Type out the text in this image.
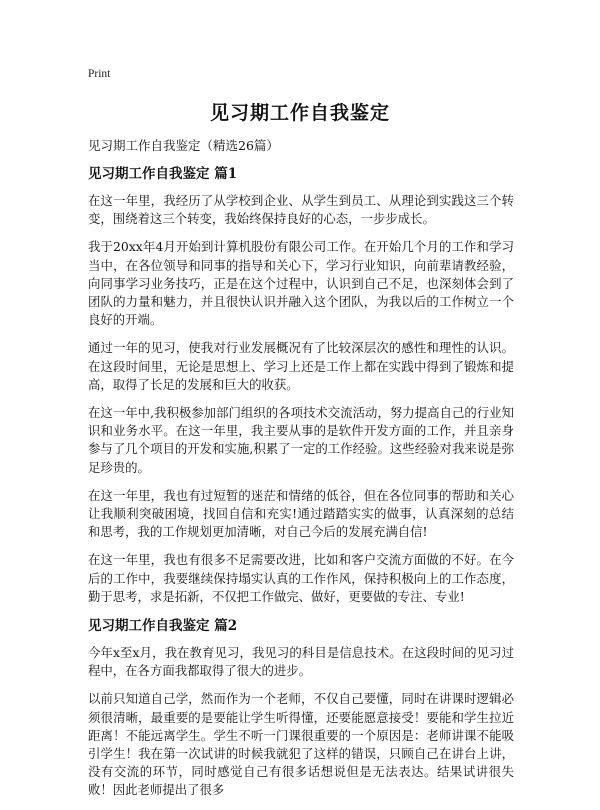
Print
见习期工作自我鉴定
见习期工作自我鉴定（精选26篇）
见习期工作自我鉴定 篇1

在这一年里，我经历了从学校到企业、从学生到员工、从理论到实践这三个转变，围绕着这三个转变，我始终保持良好的心态，一步步成长。

我于20xx年4月开始到计算机股份有限公司工作。在开始几个月的工作和学习当中，在各位领导和同事的指导和关心下，学习行业知识，向前辈请教经验，向同事学习业务技巧，正是在这个过程中，认识到自己不足，也深刻体会到了团队的力量和魅力，并且很快认识并融入这个团队，为我以后的工作树立一个良好的开端。

通过一年的见习，使我对行业发展概况有了比较深层次的感性和理性的认识。在这段时间里，无论是思想上、学习上还是工作上都在实践中得到了锻炼和提高，取得了长足的发展和巨大的收获。

在这一年中,我积极参加部门组织的各项技术交流活动，努力提高自己的行业知识和业务水平。在这一年里，我主要从事的是软件开发方面的工作，并且亲身参与了几个项目的开发和实施,积累了一定的工作经验。这些经验对我来说是弥足珍贵的。

在这一年里，我也有过短暂的迷茫和情绪的低谷，但在各位同事的帮助和关心让我顺利突破困境，找回自信和充实!通过踏踏实实的做事，认真深刻的总结和思考，我的工作规划更加清晰，对自己今后的发展充满自信!

在这一年里，我也有很多不足需要改进，比如和客户交流方面做的不好。在今后的工作中，我要继续保持塌实认真的工作作风，保持积极向上的工作态度，勤于思考，求是拓新，不仅把工作做完、做好，更要做的专注、专业!

见习期工作自我鉴定 篇2

今年x至x月，我在教育见习，我见习的科目是信息技术。在这段时间的见习过程中，在各方面我都取得了很大的进步。

以前只知道自己学，然而作为一个老师，不仅自己要懂，同时在讲课时逻辑必须很清晰，最重要的是要能让学生听得懂，还要能愿意接受！要能和学生拉近距离！不能远离学生。学生不听一门课很重要的一个原因是：老师讲课不能吸引学生！我在第一次试讲的时候我就犯了这样的错误，只顾自己在讲台上讲，没有交流的环节，同时感觉自己有很多话想说但是无法表达。结果试讲很失败！因此老师提出了很多
